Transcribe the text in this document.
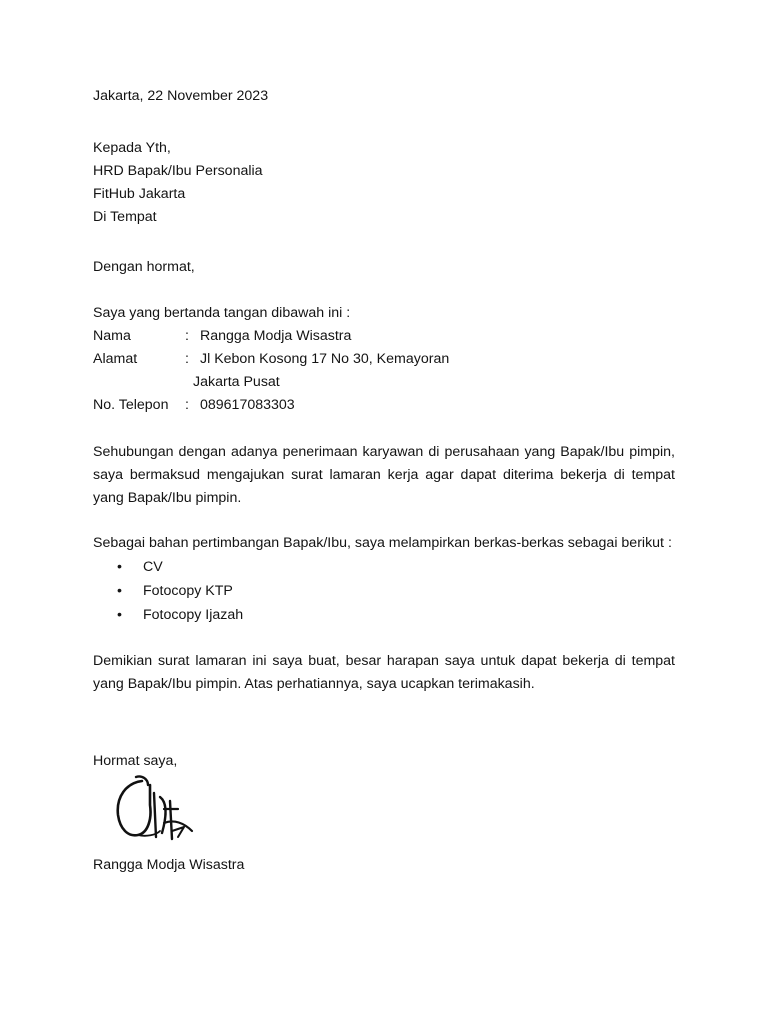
Jakarta, 22 November 2023
Kepada Yth,
HRD Bapak/Ibu Personalia
FitHub Jakarta
Di Tempat
Dengan hormat,
Saya yang bertanda tangan dibawah ini :
Nama	: Rangga Modja Wisastra
Alamat	: Jl Kebon Kosong 17 No 30, Kemayoran
Jakarta Pusat
No. Telepon : 089617083303
Sehubungan dengan adanya penerimaan karyawan di perusahaan yang Bapak/Ibu pimpin, saya bermaksud mengajukan surat lamaran kerja agar dapat diterima bekerja di tempat yang Bapak/Ibu pimpin.
Sebagai bahan pertimbangan Bapak/Ibu, saya melampirkan berkas-berkas sebagai berikut :
• CV
• Fotocopy KTP
• Fotocopy Ijazah
Demikian surat lamaran ini saya buat, besar harapan saya untuk dapat bekerja di tempat yang Bapak/Ibu pimpin. Atas perhatiannya, saya ucapkan terimakasih.
Hormat saya,
Rangga Modja Wisastra
